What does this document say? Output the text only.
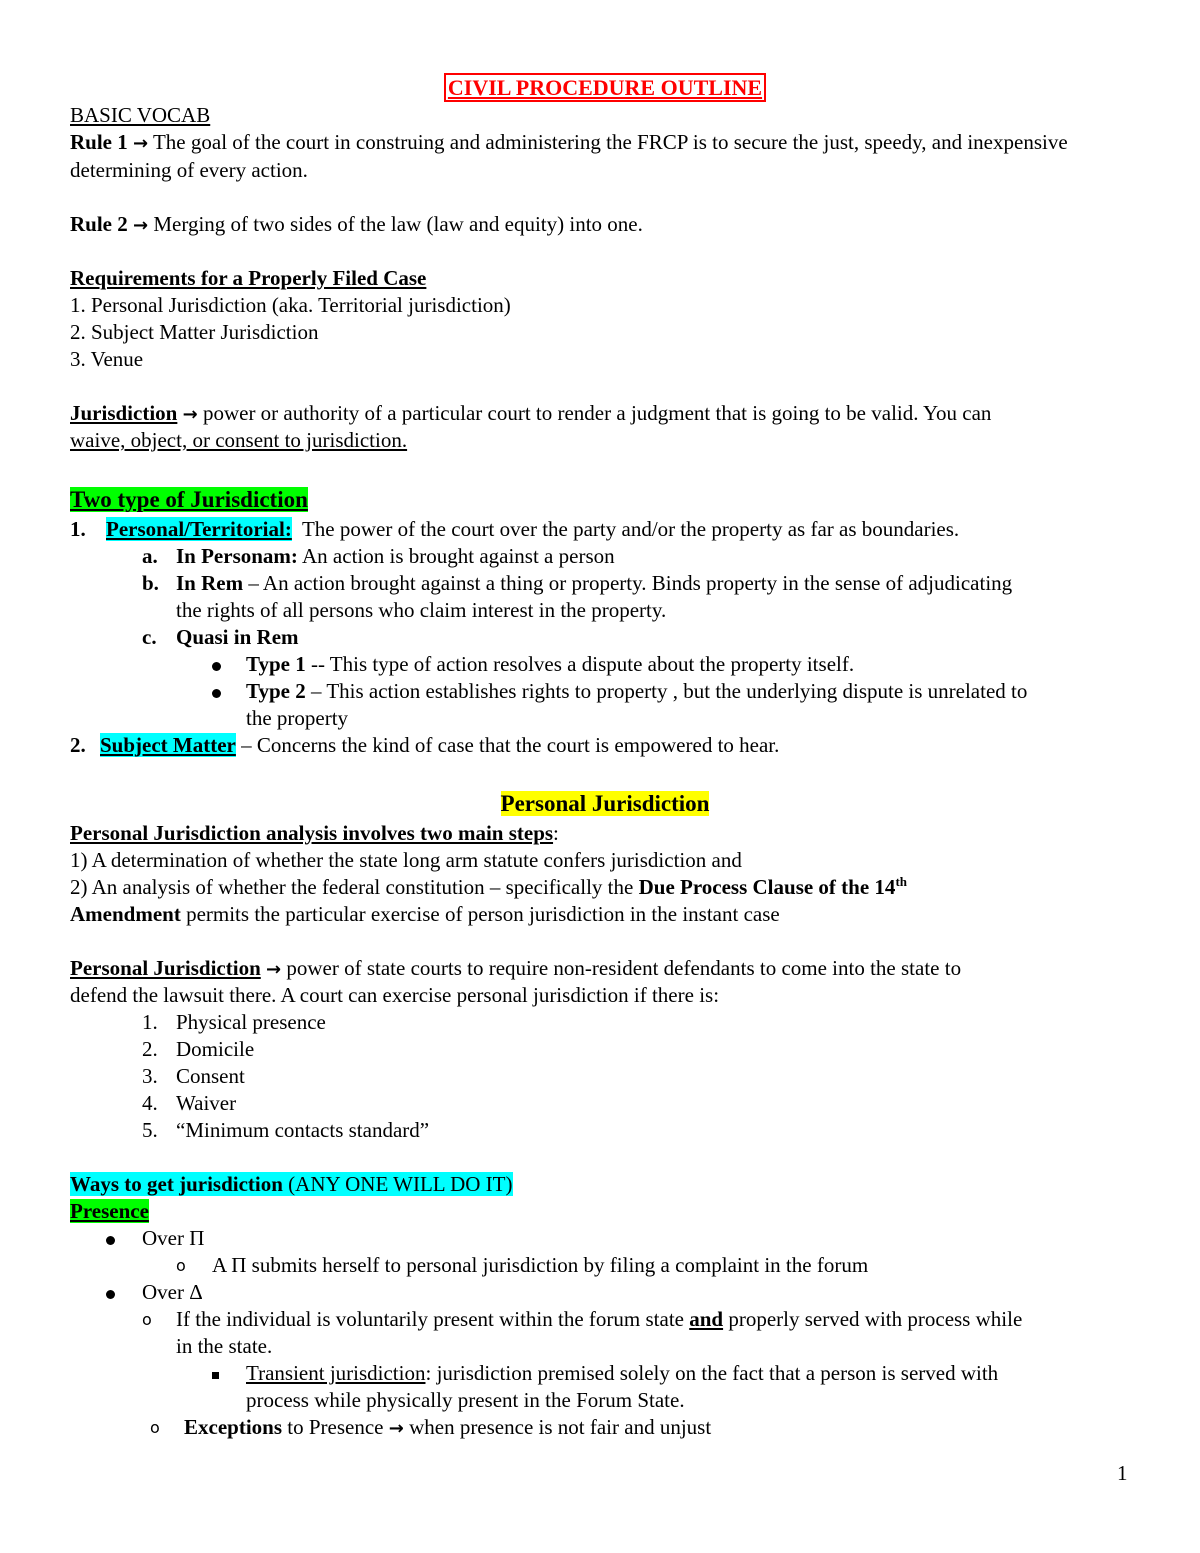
CIVIL PROCEDURE OUTLINE
BASIC VOCAB
Rule 1 → The goal of the court in construing and administering the FRCP is to secure the just, speedy, and inexpensive determining of every action.
Rule 2 → Merging of two sides of the law (law and equity) into one.
Requirements for a Properly Filed Case
1. Personal Jurisdiction (aka. Territorial jurisdiction)
2. Subject Matter Jurisdiction
3. Venue
Jurisdiction → power or authority of a particular court to render a judgment that is going to be valid. You can
waive, object, or consent to jurisdiction.
Two type of Jurisdiction
1. Personal/Territorial: The power of the court over the party and/or the property as far as boundaries.
a. In Personam: An action is brought against a person
b. In Rem – An action brought against a thing or property. Binds property in the sense of adjudicating
the rights of all persons who claim interest in the property.
c. Quasi in Rem
Type 1 -- This type of action resolves a dispute about the property itself.
Type 2 – This action establishes rights to property , but the underlying dispute is unrelated to
the property
2. Subject Matter – Concerns the kind of case that the court is empowered to hear.
Personal Jurisdiction
Personal Jurisdiction analysis involves two main steps:
1) A determination of whether the state long arm statute confers jurisdiction and
2) An analysis of whether the federal constitution – specifically the Due Process Clause of the 14th
Amendment permits the particular exercise of person jurisdiction in the instant case
Personal Jurisdiction → power of state courts to require non-resident defendants to come into the state to
defend the lawsuit there. A court can exercise personal jurisdiction if there is:
1. Physical presence
2. Domicile
3. Consent
4. Waiver
5. “Minimum contacts standard”
Ways to get jurisdiction (ANY ONE WILL DO IT)
Presence
Over Π
o A Π submits herself to personal jurisdiction by filing a complaint in the forum
Over Δ
o If the individual is voluntarily present within the forum state and properly served with process while
in the state.
Transient jurisdiction: jurisdiction premised solely on the fact that a person is served with
process while physically present in the Forum State.
o Exceptions to Presence → when presence is not fair and unjust
1
